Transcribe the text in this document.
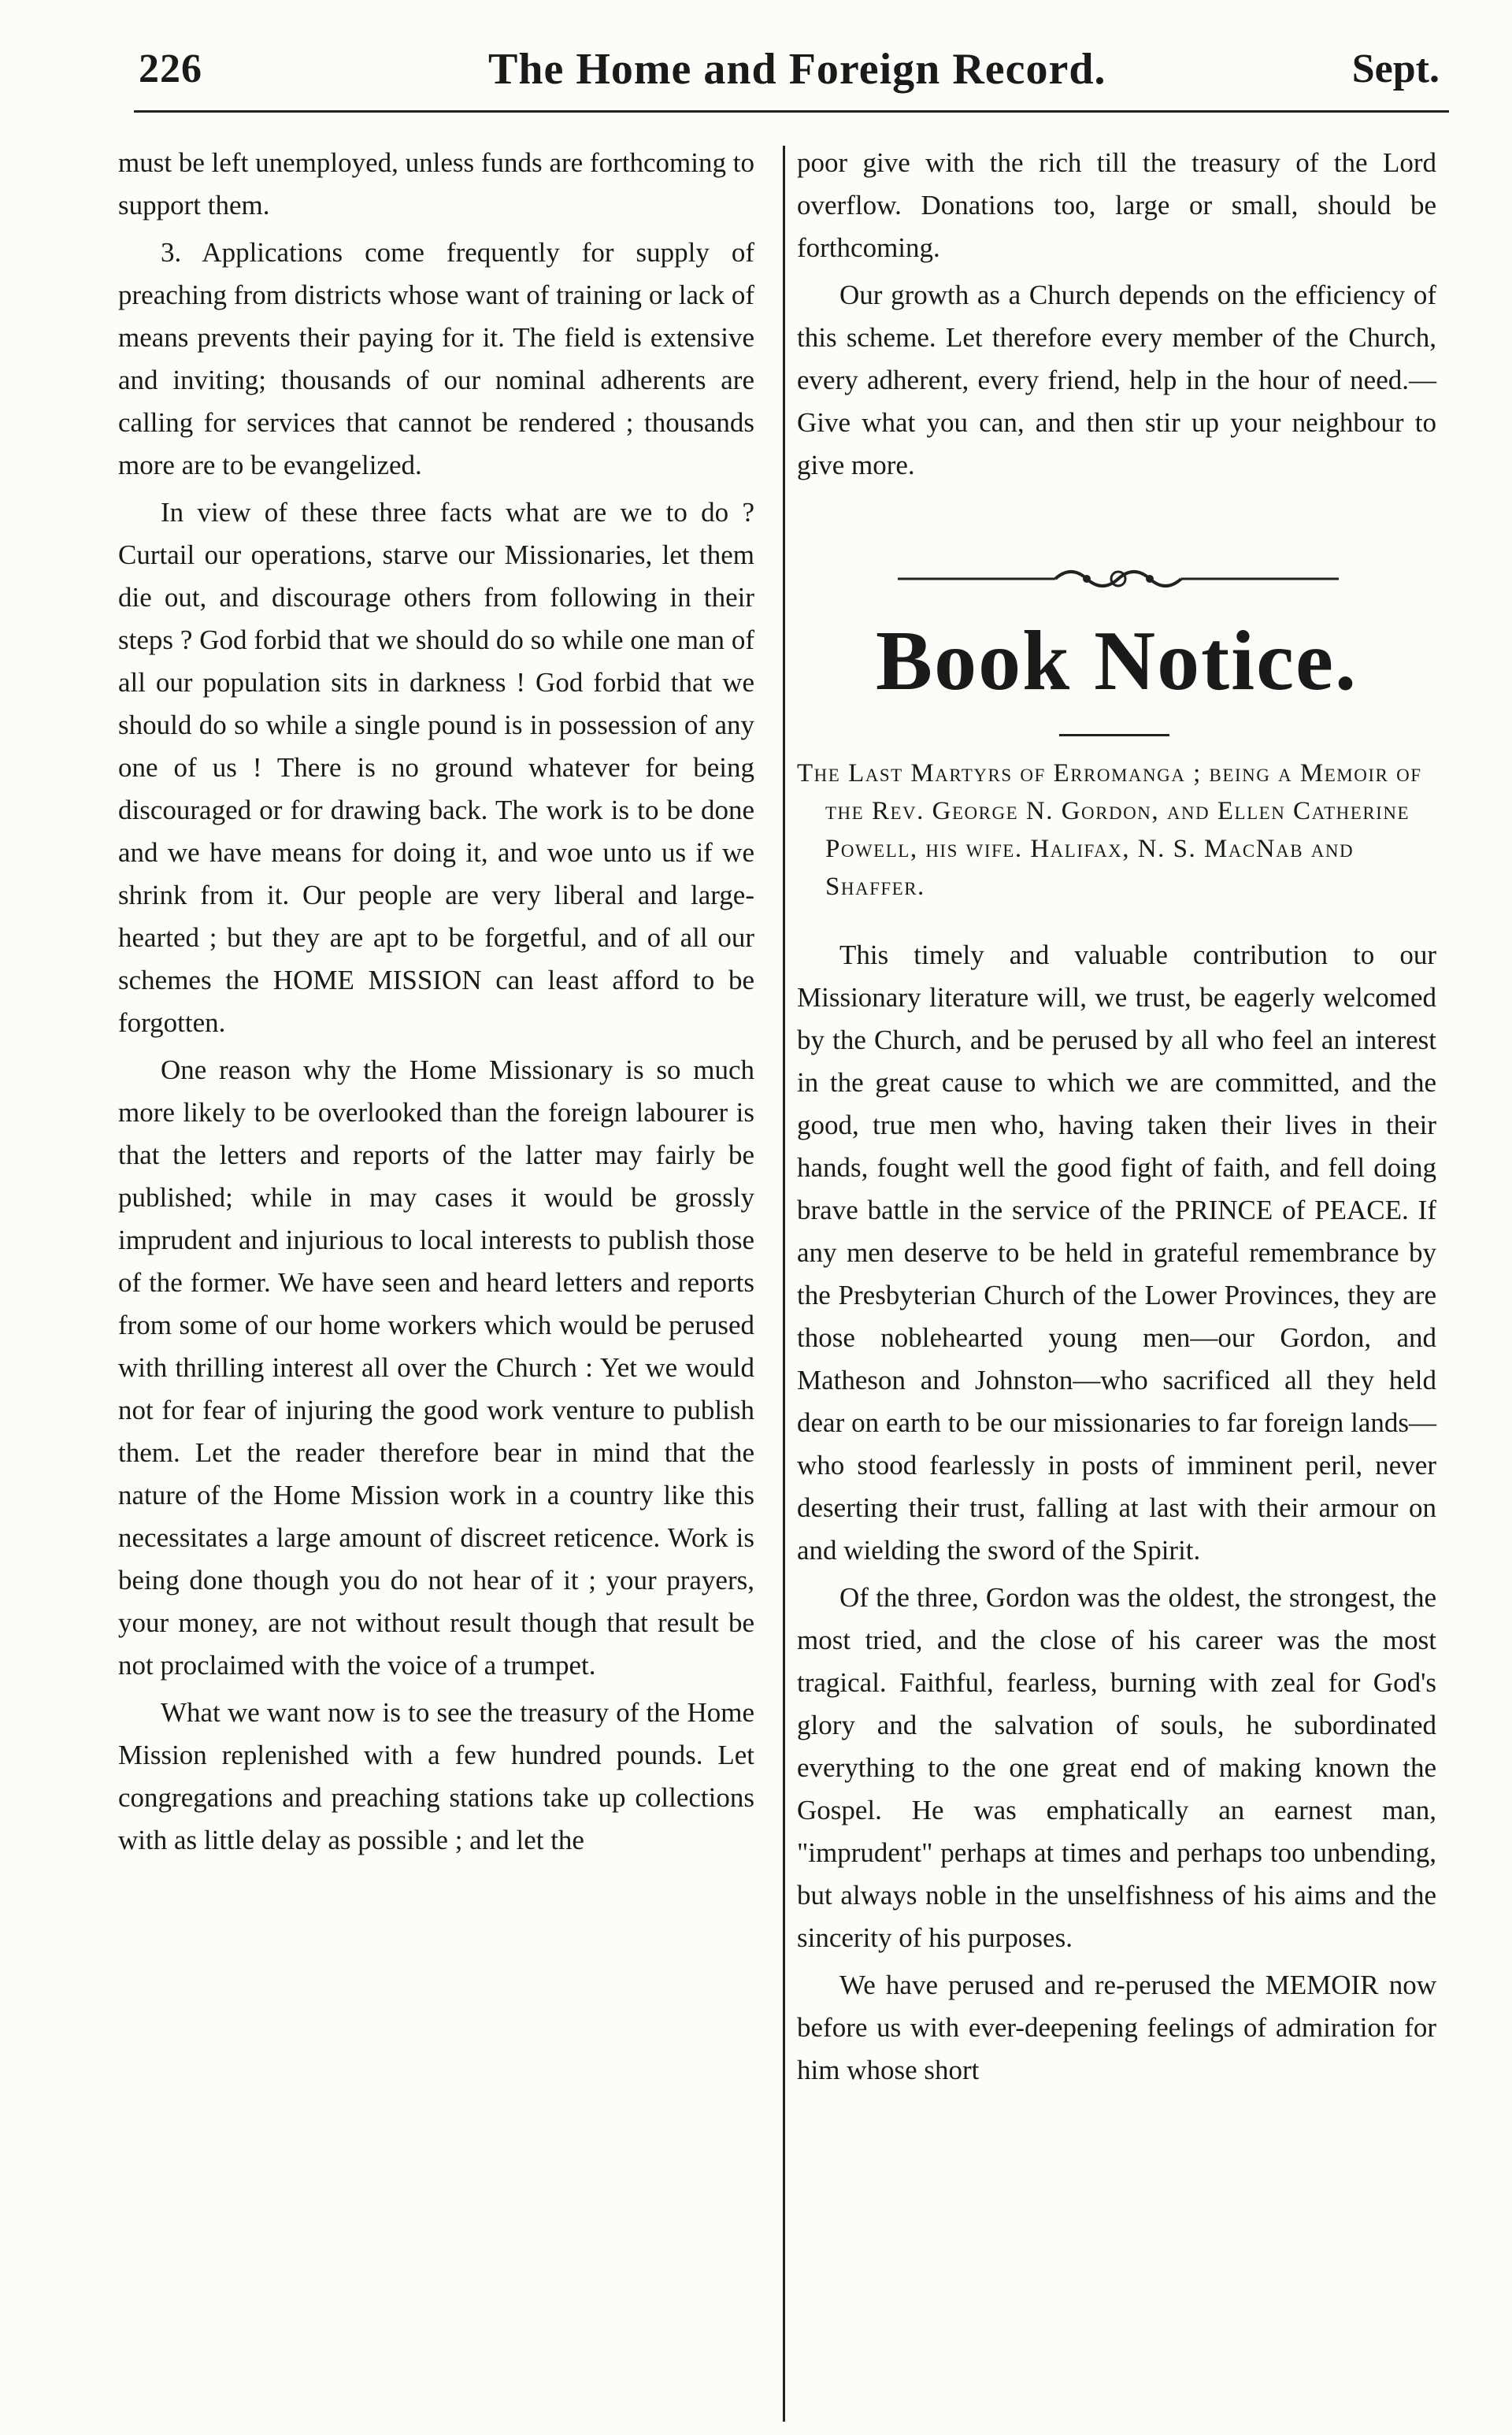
226	The Home and Foreign Record.	Sept.

must be left unemployed, unless funds are forthcoming to support them.

3. Applications come frequently for supply of preaching from districts whose want of training or lack of means prevents their paying for it. The field is extensive and inviting; thousands of our nominal adherents are calling for services that cannot be rendered ; thousands more are to be evangelized.

In view of these three facts what are we to do ? Curtail our operations, starve our Missionaries, let them die out, and discourage others from following in their steps ? God forbid that we should do so while one man of all our population sits in darkness ! God forbid that we should do so while a single pound is in possession of any one of us ! There is no ground whatever for being discouraged or for drawing back. The work is to be done and we have means for doing it, and woe unto us if we shrink from it. Our people are very liberal and large-hearted ; but they are apt to be forgetful, and of all our schemes the HOME MISSION can least afford to be forgotten.

One reason why the Home Missionary is so much more likely to be overlooked than the foreign labourer is that the letters and reports of the latter may fairly be published; while in may cases it would be grossly imprudent and injurious to local interests to publish those of the former. We have seen and heard letters and reports from some of our home workers which would be perused with thrilling interest all over the Church : Yet we would not for fear of injuring the good work venture to publish them. Let the reader therefore bear in mind that the nature of the Home Mission work in a country like this necessitates a large amount of discreet reticence. Work is being done though you do not hear of it ; your prayers, your money, are not without result though that result be not proclaimed with the voice of a trumpet.

What we want now is to see the treasury of the Home Mission replenished with a few hundred pounds. Let congregations and preaching stations take up collections with as little delay as possible ; and let the

poor give with the rich till the treasury of the Lord overflow. Donations too, large or small, should be forthcoming.

Our growth as a Church depends on the efficiency of this scheme. Let therefore every member of the Church, every adherent, every friend, help in the hour of need.— Give what you can, and then stir up your neighbour to give more.

Book Notice.
The Last Martyrs of Erromanga ; being a Memoir of the Rev. George N. Gordon, and Ellen Catherine Powell, his wife. Halifax, N. S. MacNab and Shaffer.

This timely and valuable contribution to our Missionary literature will, we trust, be eagerly welcomed by the Church, and be perused by all who feel an interest in the great cause to which we are committed, and the good, true men who, having taken their lives in their hands, fought well the good fight of faith, and fell doing brave battle in the service of the PRINCE of PEACE. If any men deserve to be held in grateful remembrance by the Presbyterian Church of the Lower Provinces, they are those noblehearted young men—our Gordon, and Matheson and Johnston—who sacrificed all they held dear on earth to be our missionaries to far foreign lands—who stood fearlessly in posts of imminent peril, never deserting their trust, falling at last with their armour on and wielding the sword of the Spirit.

Of the three, Gordon was the oldest, the strongest, the most tried, and the close of his career was the most tragical. Faithful, fearless, burning with zeal for God's glory and the salvation of souls, he subordinated everything to the one great end of making known the Gospel. He was emphatically an earnest man, "imprudent" perhaps at times and perhaps too unbending, but always noble in the unselfishness of his aims and the sincerity of his purposes.

We have perused and re-perused the MEMOIR now before us with ever-deepening feelings of admiration for him whose short
